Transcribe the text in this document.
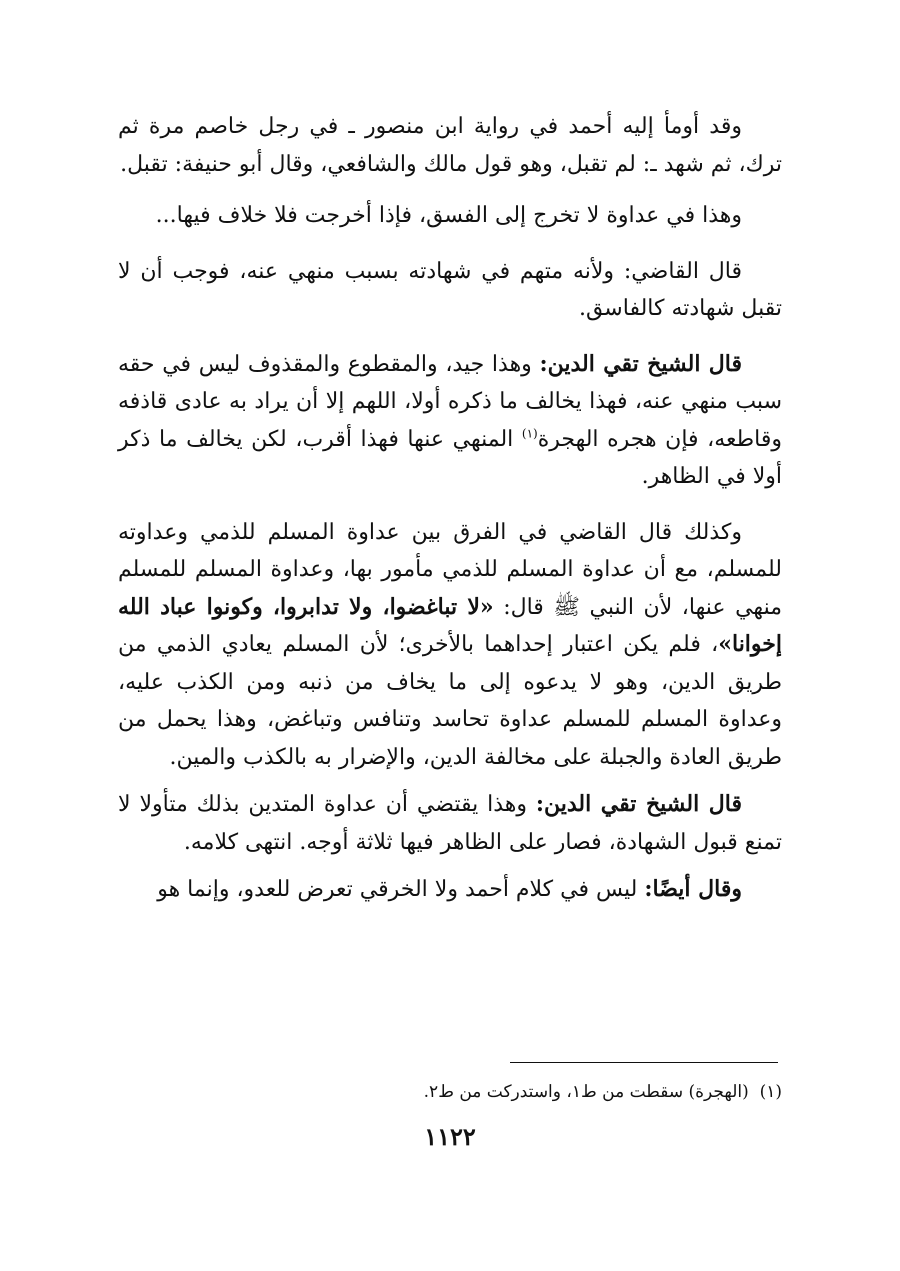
وقد أومأ إليه أحمد في رواية ابن منصور ـ في رجل خاصم مرة ثم ترك، ثم شهد ـ: لم تقبل، وهو قول مالك والشافعي، وقال أبو حنيفة: تقبل.

وهذا في عداوة لا تخرج إلى الفسق، فإذا أخرجت فلا خلاف فيها...

قال القاضي: ولأنه متهم في شهادته بسبب منهي عنه، فوجب أن لا تقبل شهادته كالفاسق.

قال الشيخ تقي الدين: وهذا جيد، والمقطوع والمقذوف ليس في حقه سبب منهي عنه، فهذا يخالف ما ذكره أولا، اللهم إلا أن يراد به عادى قاذفه وقاطعه، فإن هجره الهجرة$^{(١)}$ المنهي عنها فهذا أقرب، لكن يخالف ما ذكر أولا في الظاهر.

وكذلك قال القاضي في الفرق بين عداوة المسلم للذمي وعداوته للمسلم، مع أن عداوة المسلم للذمي مأمور بها، وعداوة المسلم للمسلم منهي عنها، لأن النبي ﷺ قال: «لا تباغضوا، ولا تدابروا، وكونوا عباد الله إخوانا»، فلم يكن اعتبار إحداهما بالأخرى؛ لأن المسلم يعادي الذمي من طريق الدين، وهو لا يدعوه إلى ما يخاف من ذنبه ومن الكذب عليه، وعداوة المسلم للمسلم عداوة تحاسد وتنافس وتباغض، وهذا يحمل من طريق العادة والجبلة على مخالفة الدين، والإضرار به بالكذب والمين.

قال الشيخ تقي الدين: وهذا يقتضي أن عداوة المتدين بذلك متأولا لا تمنع قبول الشهادة، فصار على الظاهر فيها ثلاثة أوجه. انتهى كلامه.

وقال أيضًا: ليس في كلام أحمد ولا الخرقي تعرض للعدو، وإنما هو

(١)  (الهجرة) سقطت من ط١، واستدركت من ط٢.

١١٢٢
